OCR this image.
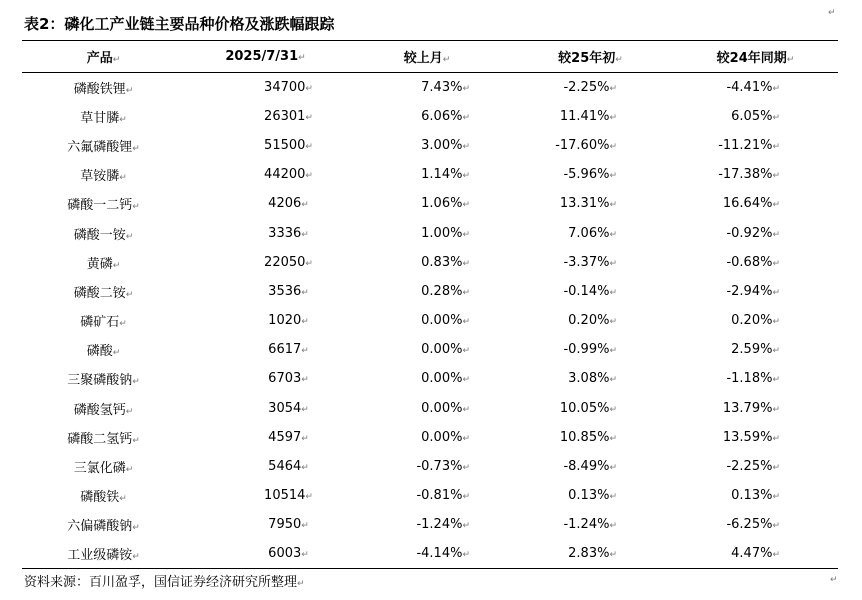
表2：磷化工产业链主要品种价格及涨跌幅跟踪
↵
产品↵	2025/7/31↵	较上月↵	较25年初↵	较24年同期↵
磷酸铁锂↵	34700↵	7.43%↵	-2.25%↵	-4.41%↵
草甘膦↵	26301↵	6.06%↵	11.41%↵	6.05%↵
六氟磷酸锂↵	51500↵	3.00%↵	-17.60%↵	-11.21%↵
草铵膦↵	44200↵	1.14%↵	-5.96%↵	-17.38%↵
磷酸一二钙↵	4206↵	1.06%↵	13.31%↵	16.64%↵
磷酸一铵↵	3336↵	1.00%↵	7.06%↵	-0.92%↵
黄磷↵	22050↵	0.83%↵	-3.37%↵	-0.68%↵
磷酸二铵↵	3536↵	0.28%↵	-0.14%↵	-2.94%↵
磷矿石↵	1020↵	0.00%↵	0.20%↵	0.20%↵
磷酸↵	6617↵	0.00%↵	-0.99%↵	2.59%↵
三聚磷酸钠↵	6703↵	0.00%↵	3.08%↵	-1.18%↵
磷酸氢钙↵	3054↵	0.00%↵	10.05%↵	13.79%↵
磷酸二氢钙↵	4597↵	0.00%↵	10.85%↵	13.59%↵
三氯化磷↵	5464↵	-0.73%↵	-8.49%↵	-2.25%↵
磷酸铁↵	10514↵	-0.81%↵	0.13%↵	0.13%↵
六偏磷酸钠↵	7950↵	-1.24%↵	-1.24%↵	-6.25%↵
工业级磷铵↵	6003↵	-4.14%↵	2.83%↵	4.47%↵
资料来源：百川盈孚，国信证券经济研究所整理↵	↵
